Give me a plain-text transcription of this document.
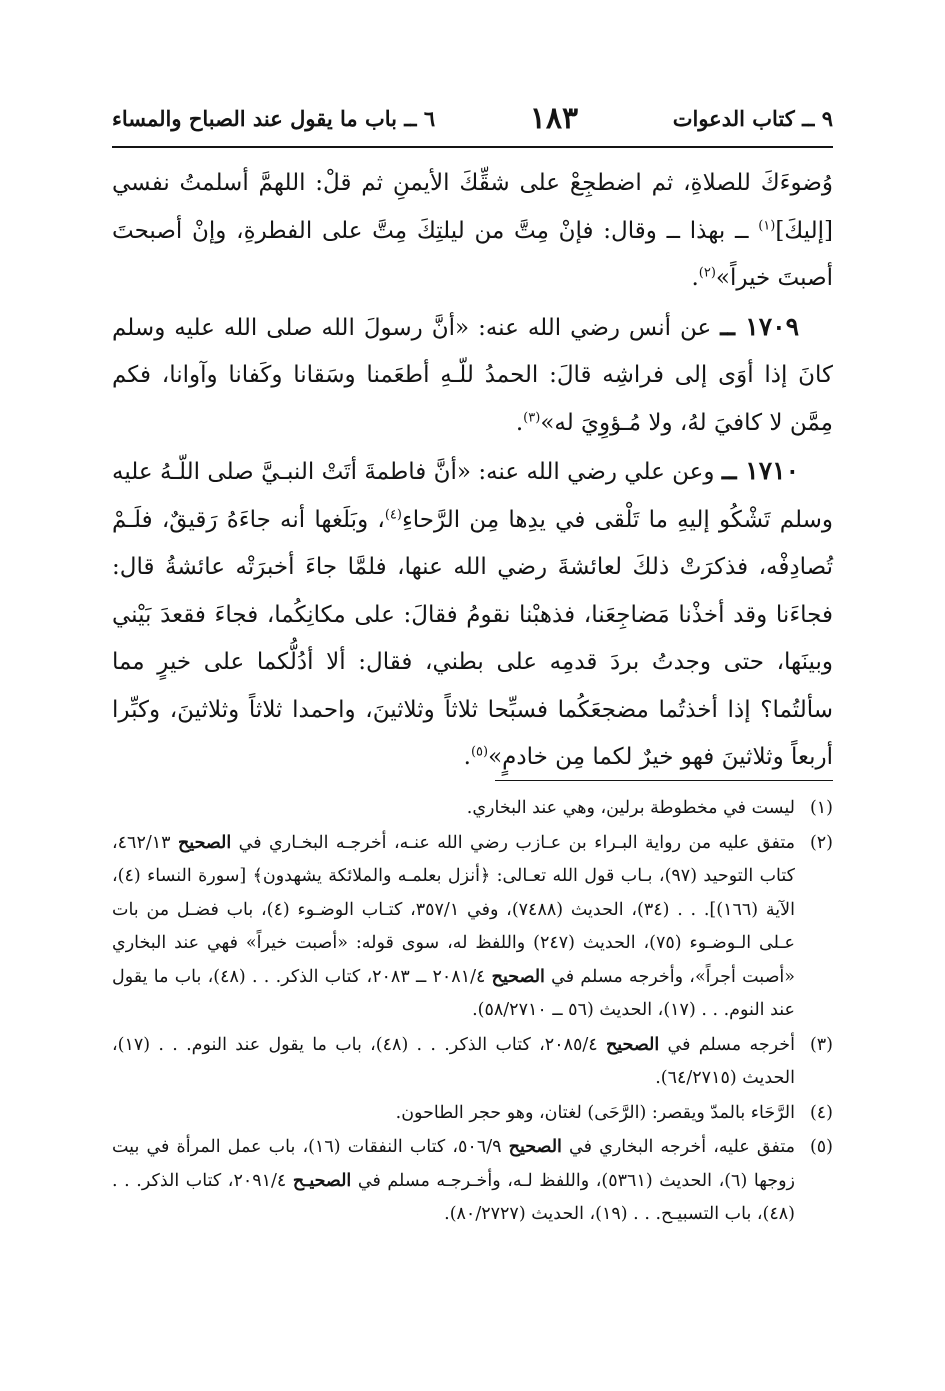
٩ ــ كتاب الدعوات
١٨٣
٦ ــ باب ما يقول عند الصباح والمساء

وُضوءَكَ للصلاةِ، ثم اضطجِعْ على شقِّكَ الأيمنِ ثم قلْ: اللهمَّ أسلمتُ نفسي [إليكَ]$^{(١)}$ ــ بهذا ــ وقال: فإنْ مِتَّ من ليلتِكَ مِتَّ على الفطرةِ، وإنْ أصبحتَ أصبتَ خيراً»$^{(٢)}$.

١٧٠٩ ــ عن أنس رضي الله عنه: «أنَّ رسولَ الله صلى الله عليه وسلم كانَ إذا أوَى إلى فراشِه قالَ: الحمدُ للّـهِ أطعَمنا وسَقانا وكَفانا وآوانا، فكم مِمَّن لا كافيَ لهُ، ولا مُـؤوِيَ له»$^{(٣)}$.

١٧١٠ ــ وعن علي رضي الله عنه: «أنَّ فاطمةَ أتَتْ النبـيَّ صلى اللّـهُ عليه وسلم تَشْكُو إليهِ ما تَلْقى في يدِها مِن الرَّحاءِ$^{(٤)}$، وبَلَغها أنه جاءَهُ رَقيقٌ، فلَـمْ تُصادِفْه، فذكرَتْ ذلكَ لعائشةَ رضي الله عنها، فلمَّا جاءَ أخبرَتْه عائشةُ قال: فجاءَنا وقد أخذْنا مَضاجِعَنا، فذهبْنا نقومُ فقالَ: على مكانِكُما، فجاءَ فقعدَ بَيْني وبينَها، حتى وجدتُ بردَ قدمِه على بطني، فقال: ألا أدُلُّكما على خيرٍ مما سألتُما؟ إذا أخذتُما مضجعَكُما فسبِّحا ثلاثاً وثلاثينَ، واحمدا ثلاثاً وثلاثينَ، وكبِّرا أربعاً وثلاثينَ فهو خيرٌ لكما مِن خادمٍ»$^{(٥)}$.

(١)
ليست في مخطوطة برلين، وهي عند البخاري.
(٢)
متفق عليه من رواية البـراء بن عـازب رضي الله عنـه، أخرجـه البخـاري في الصحيح ٤٦٢/١٣، كتاب التوحيد (٩٧)، بـاب قول الله تعـالى: ﴿أنزل بعلمـه والملائكة يشهدون﴾ [سورة النساء (٤)، الآية (١٦٦)]. . . (٣٤)، الحديث (٧٤٨٨)، وفي ٣٥٧/١، كتـاب الوضـوء (٤)، باب فضـل من بات عـلى الـوضـوء (٧٥)، الحديث (٢٤٧) واللفظ له، سوى قوله: «أصبت خيراً» فهي عند البخاري «أصبت أجراً»، وأخرجه مسلم في الصحيح ٢٠٨١/٤ ــ ٢٠٨٣، كتاب الذكر. . . (٤٨)، باب ما يقول عند النوم. . . (١٧)، الحديث (٥٦ ــ ٥٨/٢٧١٠).
(٣)
أخرجه مسلم في الصحيح ٢٠٨٥/٤، كتاب الذكر. . . (٤٨)، باب ما يقول عند النوم. . . (١٧)، الحديث (٦٤/٢٧١٥).
(٤)
الرَّحَاء بالمدّ ويقصر: (الرَّحَى) لغتان، وهو حجر الطاحون.
(٥)
متفق عليه، أخرجه البخاري في الصحيح ٥٠٦/٩، كتاب النفقات (١٦)، باب عمل المرأة في بيت زوجها (٦)، الحديث (٥٣٦١)، واللفظ لـه، وأخـرجـه مسلم في الصحيـح ٢٠٩١/٤، كتاب الذكر. . . (٤٨)، باب التسبيـح. . . (١٩)، الحديث (٨٠/٢٧٢٧).
